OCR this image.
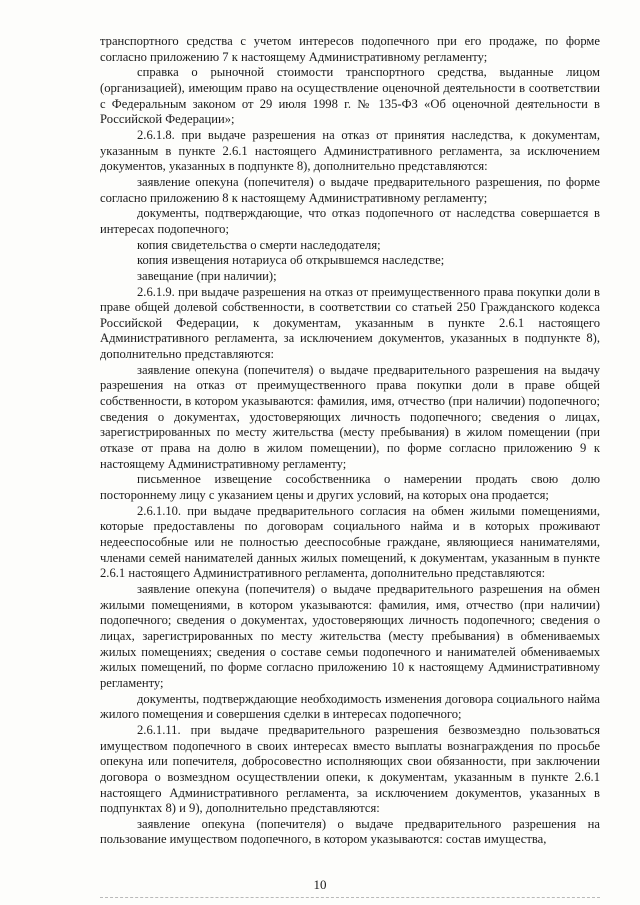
транспортного средства с учетом интересов подопечного при его продаже, по форме согласно приложению 7 к настоящему Административному регламенту;

справка о рыночной стоимости транспортного средства, выданные лицом (организацией), имеющим право на осуществление оценочной деятельности в соответствии с Федеральным законом от 29 июля 1998 г. № 135-ФЗ «Об оценочной деятельности в Российской Федерации»;

2.6.1.8. при выдаче разрешения на отказ от принятия наследства, к документам, указанным в пункте 2.6.1 настоящего Административного регламента, за исключением документов, указанных в подпункте 8), дополнительно представляются:

заявление опекуна (попечителя) о выдаче предварительного разрешения, по форме согласно приложению 8 к настоящему Административному регламенту;

документы, подтверждающие, что отказ подопечного от наследства совершается в интересах подопечного;

копия свидетельства о смерти наследодателя;

копия извещения нотариуса об открывшемся наследстве;

завещание (при наличии);

2.6.1.9. при выдаче разрешения на отказ от преимущественного права покупки доли в праве общей долевой собственности, в соответствии со статьей 250 Гражданского кодекса Российской Федерации, к документам, указанным в пункте 2.6.1 настоящего Административного регламента, за исключением документов, указанных в подпункте 8), дополнительно представляются:

заявление опекуна (попечителя) о выдаче предварительного разрешения на выдачу разрешения на отказ от преимущественного права покупки доли в праве общей собственности, в котором указываются: фамилия, имя, отчество (при наличии) подопечного; сведения о документах, удостоверяющих личность подопечного; сведения о лицах, зарегистрированных по месту жительства (месту пребывания) в жилом помещении (при отказе от права на долю в жилом помещении), по форме согласно приложению 9 к настоящему Административному регламенту;

письменное извещение сособственника о намерении продать свою долю постороннему лицу с указанием цены и других условий, на которых она продается;

2.6.1.10. при выдаче предварительного согласия на обмен жилыми помещениями, которые предоставлены по договорам социального найма и в которых проживают недееспособные или не полностью дееспособные граждане, являющиеся нанимателями, членами семей нанимателей данных жилых помещений, к документам, указанным в пункте 2.6.1 настоящего Административного регламента, дополнительно представляются:

заявление опекуна (попечителя) о выдаче предварительного разрешения на обмен жилыми помещениями, в котором указываются: фамилия, имя, отчество (при наличии) подопечного; сведения о документах, удостоверяющих личность подопечного; сведения о лицах, зарегистрированных по месту жительства (месту пребывания) в обмениваемых жилых помещениях; сведения о составе семьи подопечного и нанимателей обмениваемых жилых помещений, по форме согласно приложению 10 к настоящему Административному регламенту;

документы, подтверждающие необходимость изменения договора социального найма жилого помещения и совершения сделки в интересах подопечного;

2.6.1.11. при выдаче предварительного разрешения безвозмездно пользоваться имуществом подопечного в своих интересах вместо выплаты вознаграждения по просьбе опекуна или попечителя, добросовестно исполняющих свои обязанности, при заключении договора о возмездном осуществлении опеки, к документам, указанным в пункте 2.6.1 настоящего Административного регламента, за исключением документов, указанных в подпунктах 8) и 9), дополнительно представляются:

заявление опекуна (попечителя) о выдаче предварительного разрешения на пользование имуществом подопечного, в котором указываются: состав имущества,

10
